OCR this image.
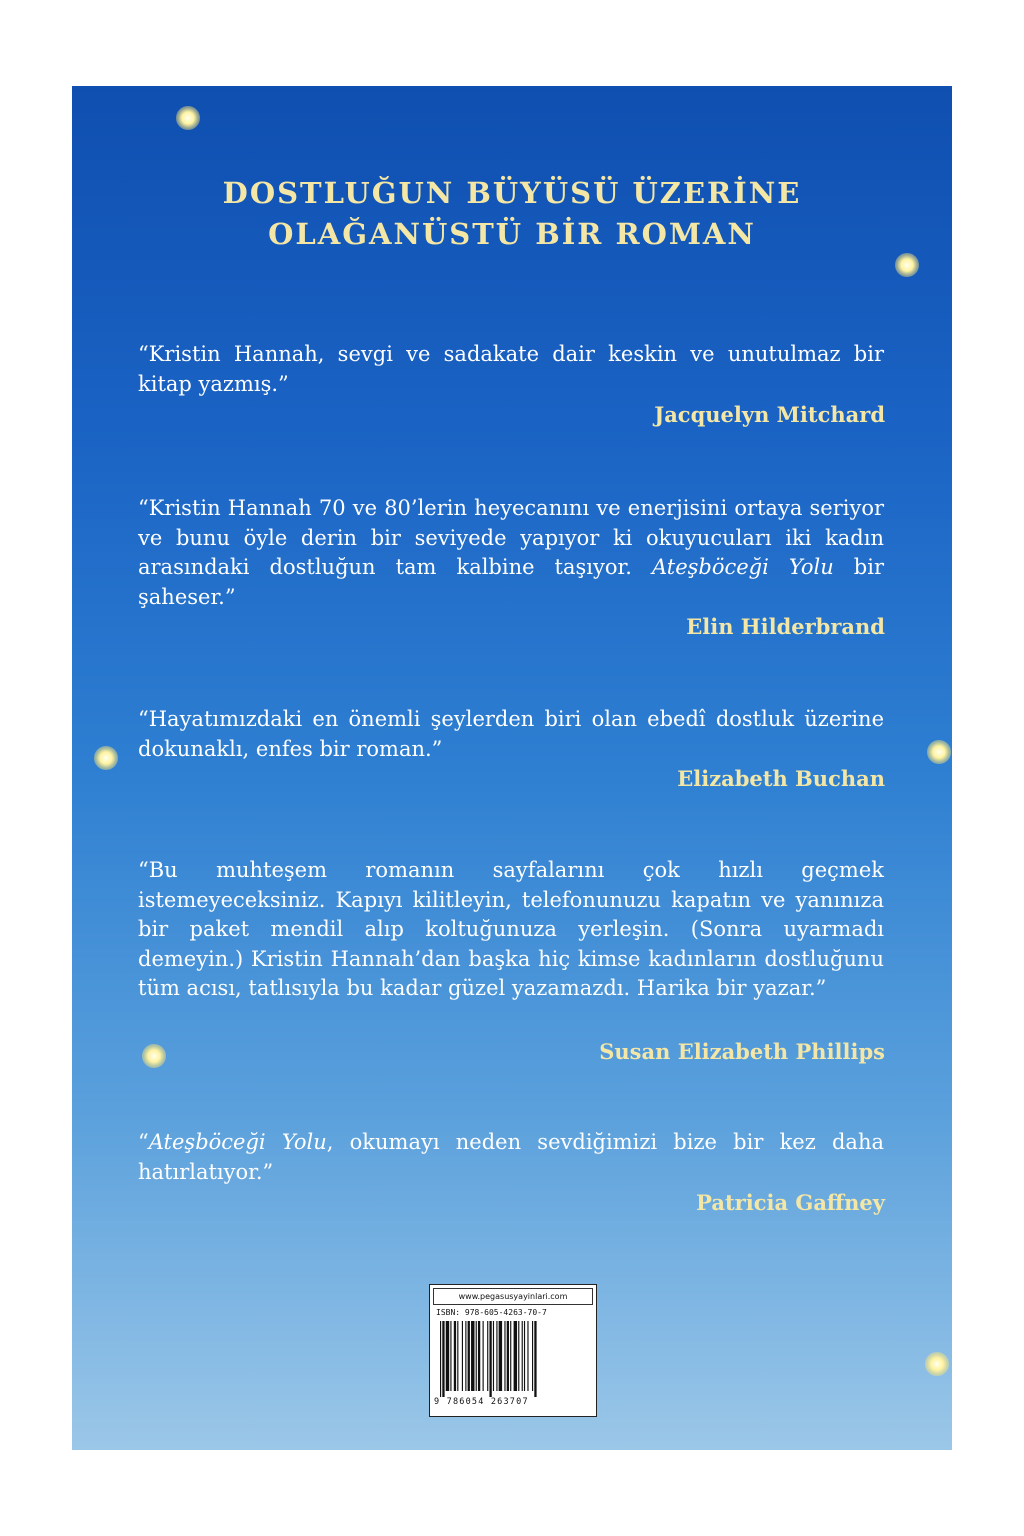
DOSTLUĞUN BÜYÜSÜ ÜZERİNE
OLAĞANÜSTÜ BİR ROMAN
“Kristin Hannah, sevgi ve sadakate dair keskin ve unutulmaz bir kitap yazmış.”
Jacquelyn Mitchard
“Kristin Hannah 70 ve 80’lerin heyecanını ve enerjisini ortaya seriyor ve bunu öyle derin bir seviyede yapıyor ki okuyucuları iki kadın arasındaki dostluğun tam kalbine taşıyor. Ateşböceği Yolu bir şaheser.”
Elin Hilderbrand
“Hayatımızdaki en önemli şeylerden biri olan ebedî dostluk üzerine dokunaklı, enfes bir roman.”
Elizabeth Buchan
“Bu muhteşem romanın sayfalarını çok hızlı geçmek istemeyeceksiniz. Kapıyı kilitleyin, telefonunuzu kapatın ve yanınıza bir paket mendil alıp koltuğunuza yerleşin. (Sonra uyarmadı demeyin.) Kristin Hannah’dan başka hiç kimse kadınların dostluğunu tüm acısı, tatlısıyla bu kadar güzel yazamazdı. Harika bir yazar.”
Susan Elizabeth Phillips
“Ateşböceği Yolu, okumayı neden sevdiğimizi bize bir kez daha hatırlatıyor.”
Patricia Gaffney
www.pegasusyayinlari.com
ISBN: 978-605-4263-70-7
9 786054 263707
